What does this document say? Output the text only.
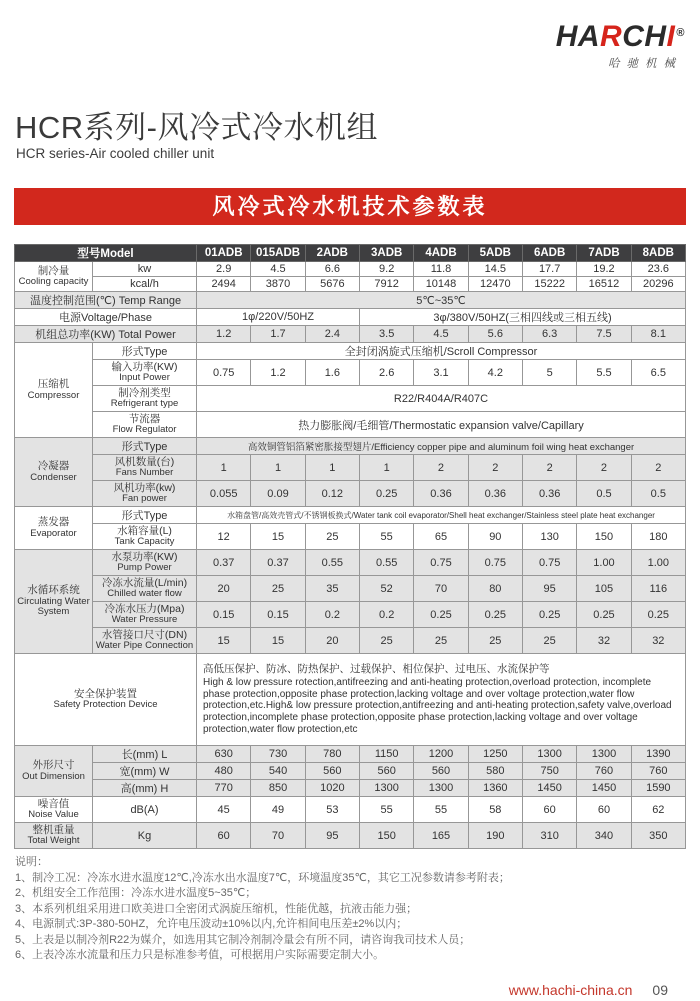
HARCHI®
哈驰机械
HCR系列-风冷式冷水机组
HCR series-Air cooled chiller unit
风冷式冷水机技术参数表
型号Model		01ADB	015ADB	2ADB	3ADB	4ADB	5ADB	6ADB	7ADB	8ADB

制冷量
Cooling capacity	kw	2.9	4.5	6.6	9.2	11.8	14.5	17.7	19.2	23.6
	kcal/h	2494	3870	5676	7912	10148	12470	15222	16512	20296
温度控制范围(℃) Temp Range		5℃~35℃								
电源Voltage/Phase		1φ/220V/50HZ			3φ/380V/50HZ(三相四线或三相五线)					
机组总功率(KW) Total Power		1.2	1.7	2.4	3.5	4.5	5.6	6.3	7.5	8.1

压缩机
Compressor	形式Type	全封闭涡旋式压缩机/Scroll Compressor								

	输入功率(KW)
Input Power	0.75	1.2	1.6	2.6	3.1	4.2	5	5.5	6.5

	制冷剂类型
Refrigerant type	R22/R404A/R407C								

	节流器
Flow Regulator	热力膨胀阀/毛细管/Thermostatic expansion valve/Capillary								

冷凝器
Condenser	形式Type	高效铜管铝箔紧密胀接型翅片/Efficiency copper pipe and aluminum foil wing heat exchanger								

	风机数量(台)
Fans Number	1	1	1	1	2	2	2	2	2

	风机功率(kw)
Fan power	0.055	0.09	0.12	0.25	0.36	0.36	0.36	0.5	0.5

蒸发器
Evaporator	形式Type	水箱盘管/高效壳管式/不锈钢板换式/Water tank coil evaporator/Shell heat exchanger/Stainless steel plate heat exchanger								

	水箱容量(L)
Tank Capacity	12	15	25	55	65	90	130	150	180

水循环系统
Circulating Water System	水泵功率(KW)
Pump Power	0.37	0.37	0.55	0.55	0.75	0.75	0.75	1.00	1.00

	冷冻水流量(L/min)
Chilled water flow	20	25	35	52	70	80	95	105	116

	冷冻水压力(Mpa)
Water Pressure	0.15	0.15	0.2	0.2	0.25	0.25	0.25	0.25	0.25

	水管接口尺寸(DN)
Water Pipe Connection	15	15	20	25	25	25	25	32	32

安全保护装置
Safety Protection Device		高低压保护、防冰、防热保护、过载保护、相位保护、过电压、水流保护等
High & low pressure rotection,antifreezing and anti-heating protection,overload protection, incomplete phase protection,opposite phase protection,lacking voltage and over voltage protection,water flow protection,etc.High& low pressure protection,antifreezing and anti-heating protection,safety valve,overload protection,incomplete phase protection,opposite phase protection,lacking voltage and over voltage protection,water flow protection,etc								

外形尺寸
Out Dimension	长(mm) L	630	730	780	1150	1200	1250	1300	1300	1390
	宽(mm) W	480	540	560	560	560	580	750	760	760
	高(mm) H	770	850	1020	1300	1300	1360	1450	1450	1590

噪音值
Noise Value	dB(A)	45	49	53	55	55	58	60	60	62

整机重量
Total Weight	Kg	60	70	95	150	165	190	310	340	350
说明：
1、制冷工况：冷冻水进水温度12℃,冷冻水出水温度7℃，环境温度35℃，其它工况参数请参考附表；
2、机组安全工作范围：冷冻水进水温度5~35℃；
3、本系列机组采用进口欧美进口全密闭式涡旋压缩机，性能优越，抗液击能力强；
4、电源制式:3P-380-50HZ，允许电压波动±10%以内,允许相间电压差±2%以内；
5、上表是以制冷剂R22为媒介，如选用其它制冷剂制冷量会有所不同，请咨询我司技术人员；
6、上表冷冻水流量和压力只是标准参考值，可根据用户实际需要定制大小。
www.hachi-china.cn 09
